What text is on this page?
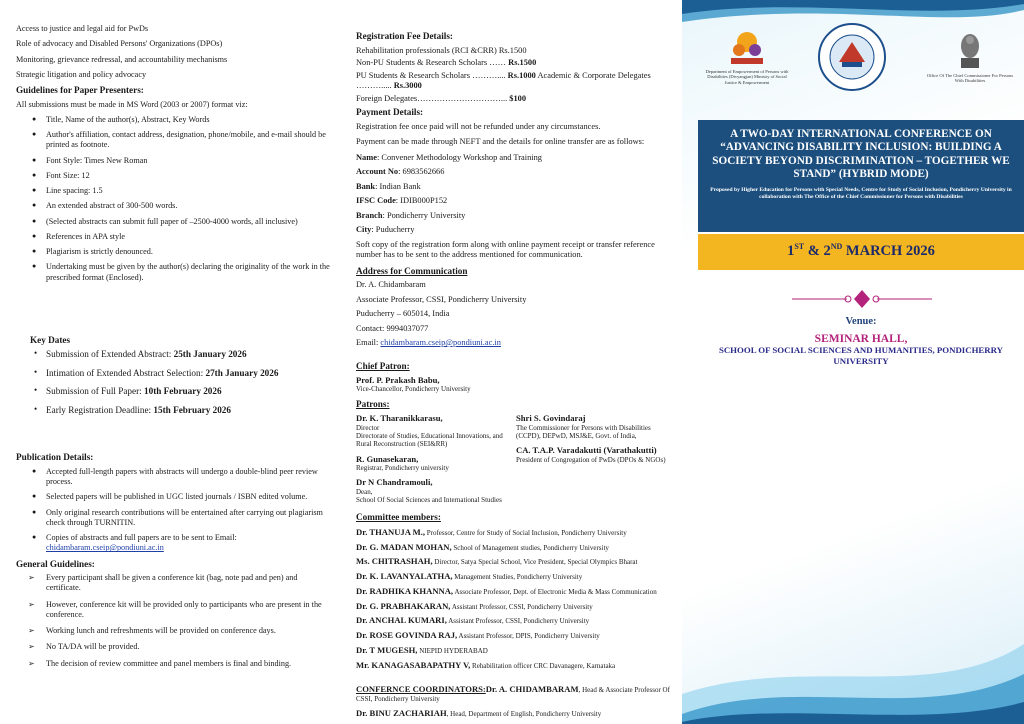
Access to justice and legal aid for PwDs
Role of advocacy and Disabled Persons' Organizations (DPOs)
Monitoring, grievance redressal, and accountability mechanisms
Strategic litigation and policy advocacy
Guidelines for Paper Presenters:
All submissions must be made in MS Word (2003 or 2007) format viz:
● Title, Name of the author(s), Abstract, Key Words
● Author's affiliation, contact address, designation, phone/mobile, and e-mail should be printed as footnote.
● Font Style: Times New Roman
● Font Size: 12
● Line spacing: 1.5
● An extended abstract of 300-500 words.
● (Selected abstracts can submit full paper of –2500-4000 words, all inclusive)
● References in APA style
● Plagiarism is strictly denounced.
● Undertaking must be given by the author(s) declaring the originality of the work in the prescribed format (Enclosed).
Key Dates
• Submission of Extended Abstract: 25th January 2026
• Intimation of Extended Abstract Selection: 27th January 2026
• Submission of Full Paper: 10th February 2026
• Early Registration Deadline: 15th February 2026
Publication Details:
● Accepted full-length papers with abstracts will undergo a double-blind peer review process.
● Selected papers will be published in UGC listed journals / ISBN edited volume.
● Only original research contributions will be entertained after carrying out plagiarism check through TURNITIN.
● Copies of abstracts and full papers are to be sent to Email:
chidambaram.cseip@pondiuni.ac.in
General Guidelines:
➢ Every participant shall be given a conference kit (bag, note pad and pen) and certificate.
➢ However, conference kit will be provided only to participants who are present in the conference.
➢ Working lunch and refreshments will be provided on conference days.
➢ No TA/DA will be provided.
➢ The decision of review committee and panel members is final and binding.
Registration Fee Details:
Rehabilitation professionals (RCI &CRR) Rs.1500
Non-PU Students & Research Scholars …… Rs.1500
PU Students & Research Scholars ……….... Rs.1000 Academic & Corporate Delegates ………..... Rs.3000
Foreign Delegates…………………………... $100
Payment Details:
Registration fee once paid will not be refunded under any circumstances.
Payment can be made through NEFT and the details for online transfer are as follows:
Name: Convener Methodology Workshop and Training
Account No: 6983562666
Bank: Indian Bank
IFSC Code: IDIB000P152
Branch: Pondicherry University
City: Puducherry
Soft copy of the registration form along with online payment receipt or transfer reference number has to be sent to the address mentioned for communication.
Address for Communication
Dr. A. Chidambaram
Associate Professor, CSSI, Pondicherry University
Puducherry – 605014, India
Contact: 9994037077
Email: chidambaram.cseip@pondiuni.ac.in
Chief Patron:
Prof. P. Prakash Babu,
Vice-Chancellor, Pondicherry University
Patrons:
Dr. K. Tharanikkarasu,
Director
Directorate of Studies, Educational Innovations, and Rural Reconstruction (SEI&RR)
R. Gunasekaran,
Registrar, Pondicherry university
Dr N Chandramouli,
Dean,
School Of Social Sciences and International Studies
Shri S. Govindaraj
The Commissioner for Persons with Disabilities (CCPD), DEPwD, MSJ&E, Govt. of India,
CA. T.A.P. Varadakutti (Varathakutti)
President of Congregation of PwDs (DPOs & NGOs)
Committee members:
Dr. THANUJA M., Professor, Centre for Study of Social Inclusion, Pondicherry University
Dr. G. MADAN MOHAN, School of Management studies, Pondicherry University
Ms. CHITRASHAH, Director, Satya Special School, Vice President, Special Olympics Bharat
Dr. K. LAVANYALATHA, Management Studies, Pondicherry University
Dr. RADHIKA KHANNA, Associate Professor, Dept. of Electronic Media & Mass Communication
Dr. G. PRABHAKARAN, Assistant Professor, CSSI, Pondicherry University
Dr. ANCHAL KUMARI, Assistant Professor, CSSI, Pondicherry University
Dr. ROSE GOVINDA RAJ, Assistant Professor, DPIS, Pondicherry University
Dr. T MUGESH, NIEPID HYDERABAD
Mr. KANAGASABAPATHY V, Rehabilitation officer CRC Davanagere, Karnataka
CONFERNCE COORDINATORS:Dr. A. CHIDAMBARAM, Head & Associate Professor Of CSSI, Pondicherry University
Dr. BINU ZACHARIAH, Head, Department of English, Pondicherry University
Department of Empowerment of Persons with Disabilities (Divyangjan) Ministry of Social Justice & Empowerment
Office Of The Chief Commissioner For Persons With Disabilities
A TWO-DAY INTERNATIONAL CONFERENCE ON “ADVANCING DISABILITY INCLUSION: BUILDING A SOCIETY BEYOND DISCRIMINATION – TOGETHER WE STAND” (HYBRID MODE)
Proposed by Higher Education for Persons with Special Needs, Centre for Study of Social Inclusion, Pondicherry University in collaboration with The Office of the Chief Commissioner for Persons with Disabilities
1ST & 2ND MARCH 2026
Venue:
SEMINAR HALL,
SCHOOL OF SOCIAL SCIENCES AND HUMANITIES, PONDICHERRY UNIVERSITY
